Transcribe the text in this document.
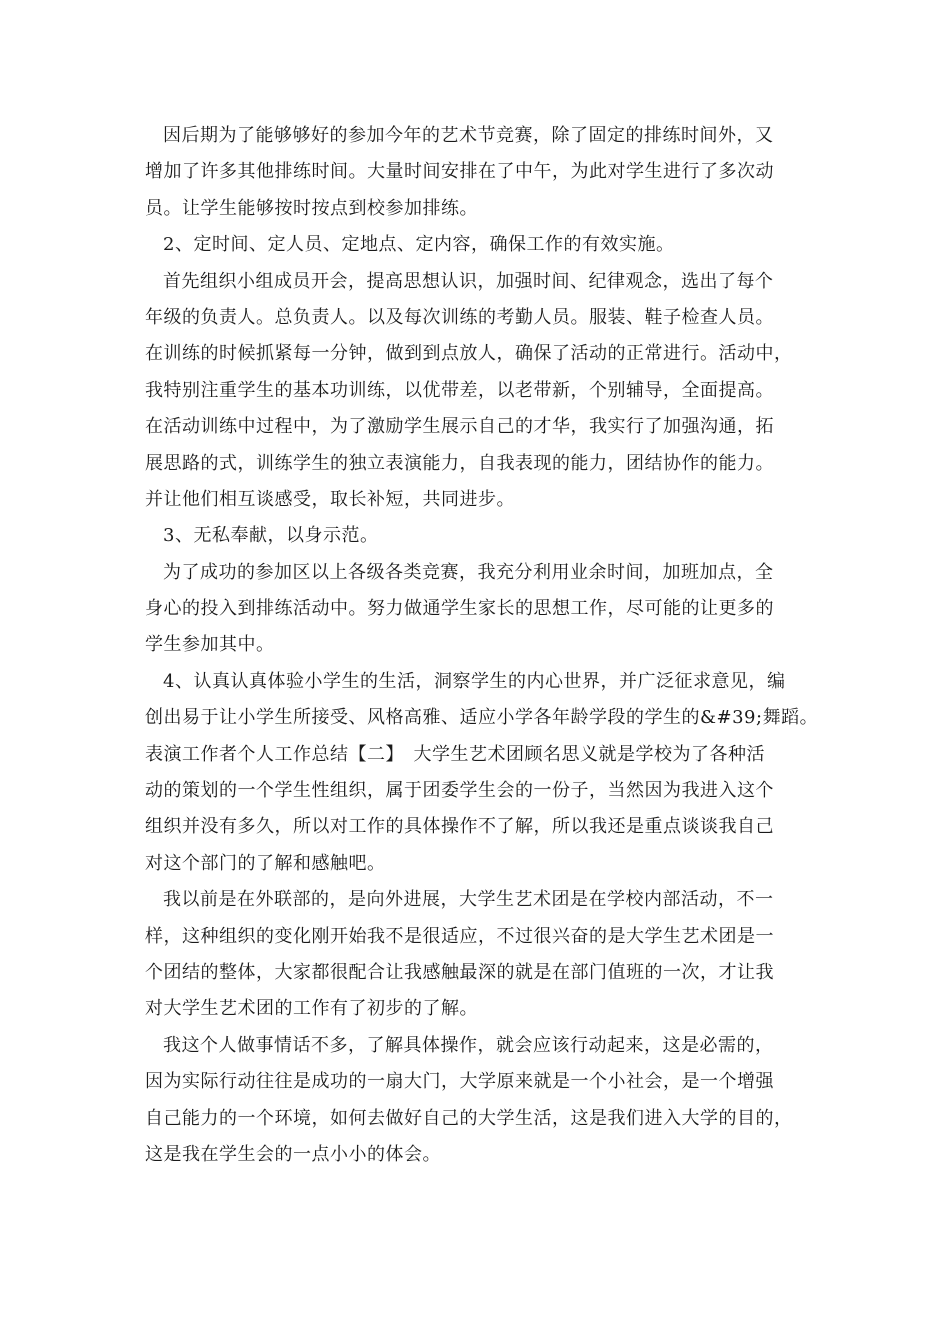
因后期为了能够够好的参加今年的艺术节竞赛，除了固定的排练时间外，又
增加了许多其他排练时间。大量时间安排在了中午，为此对学生进行了多次动
员。让学生能够按时按点到校参加排练。
2、定时间、定人员、定地点、定内容，确保工作的有效实施。
首先组织小组成员开会，提高思想认识，加强时间、纪律观念，选出了每个
年级的负责人。总负责人。以及每次训练的考勤人员。服装、鞋子检查人员。
在训练的时候抓紧每一分钟，做到到点放人，确保了活动的正常进行。活动中，
我特别注重学生的基本功训练，以优带差，以老带新，个别辅导，全面提高。
在活动训练中过程中，为了激励学生展示自己的才华，我实行了加强沟通，拓
展思路的式，训练学生的独立表演能力，自我表现的能力，团结协作的能力。
并让他们相互谈感受，取长补短，共同进步。
3、无私奉献，以身示范。
为了成功的参加区以上各级各类竞赛，我充分利用业余时间，加班加点，全
身心的投入到排练活动中。努力做通学生家长的思想工作，尽可能的让更多的
学生参加其中。
4、认真认真体验小学生的生活，洞察学生的内心世界，并广泛征求意见，编
创出易于让小学生所接受、风格高雅、适应小学各年龄学段的学生的&#39;舞蹈。
表演工作者个人工作总结【二】　大学生艺术团顾名思义就是学校为了各种活
动的策划的一个学生性组织，属于团委学生会的一份子，当然因为我进入这个
组织并没有多久，所以对工作的具体操作不了解，所以我还是重点谈谈我自己
对这个部门的了解和感触吧。
我以前是在外联部的，是向外进展，大学生艺术团是在学校内部活动，不一
样，这种组织的变化刚开始我不是很适应，不过很兴奋的是大学生艺术团是一
个团结的整体，大家都很配合让我感触最深的就是在部门值班的一次，才让我
对大学生艺术团的工作有了初步的了解。
我这个人做事情话不多，了解具体操作，就会应该行动起来，这是必需的，
因为实际行动往往是成功的一扇大门，大学原来就是一个小社会，是一个增强
自己能力的一个环境，如何去做好自己的大学生活，这是我们进入大学的目的，
这是我在学生会的一点小小的体会。
